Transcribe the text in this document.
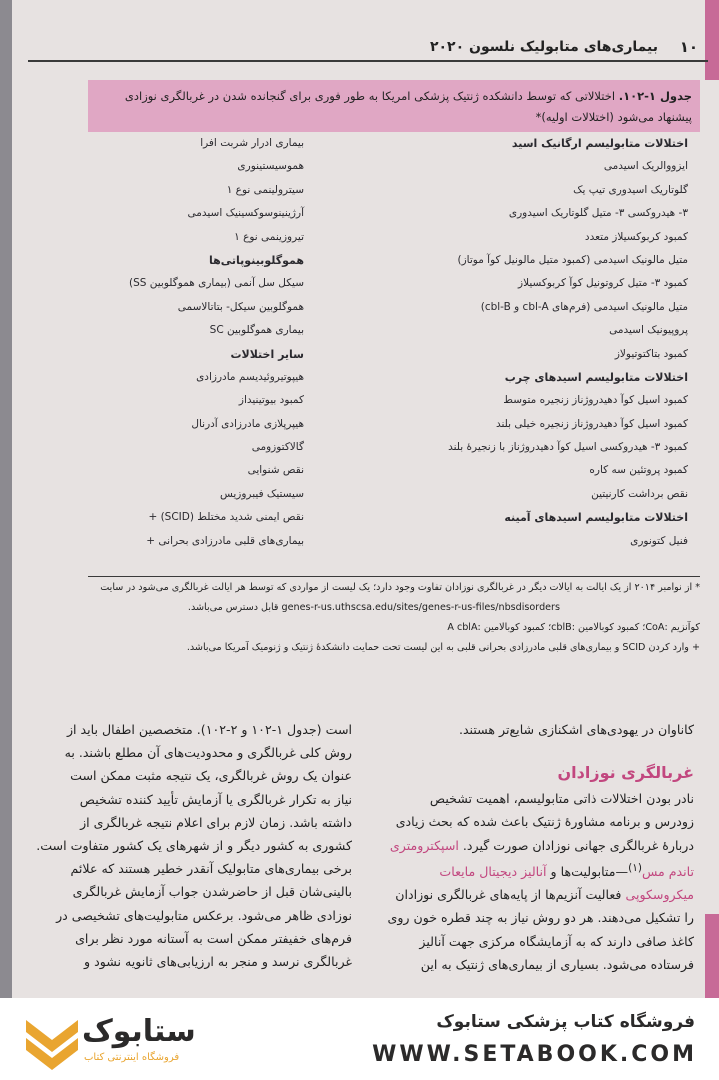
۱۰
بیماری‌های متابولیک نلسون ۲۰۲۰
جدول ۱-۱۰۲. اختلالاتی که توسط دانشکده ژنتیک پزشکی امریکا به طور فوری برای گنجانده شدن در غربالگری نوزادی پیشنهاد می‌شود (اختلالات اولیه)*
اختلالات متابولیسم ارگانیک اسید
ایزووالریک اسیدمی
گلوتاریک اسیدوری تیپ یک
۳- هیدروکسی ۳- متیل گلوتاریک اسیدوری
کمبود کربوکسیلاز متعدد
متیل مالونیک اسیدمی (کمبود متیل مالونیل کوآ موتاز)
کمبود ۳- متیل کروتونیل کوآ کربوکسیلاز
متیل مالونیک اسیدمی (فرم‌های cbl-A و cbl-B)
پروپیونیک اسیدمی
کمبود بتاکتوتیولاز
اختلالات متابولیسم اسیدهای چرب
کمبود اسیل کوآ دهیدروژناز زنجیره متوسط
کمبود اسیل کوآ دهیدروژناز زنجیره خیلی بلند
کمبود ۳- هیدروکسی اسیل کوآ دهیدروژناز با زنجیرهٔ بلند
کمبود پروتئین سه کاره
نقص برداشت کارنیتین
اختلالات متابولیسم اسیدهای آمینه
فنیل کتونوری
بیماری ادرار شربت افرا
هموسیستینوری
سیترولینمی نوع ۱
آرژینینوسوکسینیک اسیدمی
تیروزینمی نوع ۱
هموگلوبینوپاتی‌ها
سیکل سل آنمی (بیماری هموگلوبین SS)
هموگلوبین سیکل- بتاتالاسمی
بیماری هموگلوبین SC
سایر اختلالات
هیپوتیروئیدیسم مادرزادی
کمبود بیوتینیداز
هیپرپلازی مادرزادی آدرنال
گالاکتوزومی
نقص شنوایی
سیستیک فیبروزیس
نقص ایمنی شدید مختلط (SCID) +
بیماری‌های قلبی مادرزادی بحرانی +
* از نوامبر ۲۰۱۴ از یک ایالت به ایالات دیگر در غربالگری نوزادان تفاوت وجود دارد؛ یک لیست از مواردی که توسط هر ایالت غربالگری می‌شود در سایت
genes-r-us.uthscsa.edu/sites/genes-r-us-files/nbsdisorders قابل دسترس می‌باشد.
کوآنزیم :CoA؛ کمبود کوبالامین :cblB؛ کمبود کوبالامین :A cblA
+ وارد کردن SCID و بیماری‌های قلبی مادرزادی بحرانی قلبی به این لیست تحت حمایت دانشکدهٔ ژنتیک و ژنومیک آمریکا می‌باشد.
کاناوان در یهودی‌های اشکنازی شایع‌تر هستند.
غربالگری نوزادان
نادر بودن اختلالات ذاتی متابولیسم، اهمیت تشخیص
زودرس و برنامه مشاورهٔ ژنتیک باعث شده که بحث زیادی
دربارهٔ غربالگری جهانی نوزادان صورت گیرد. اسپکترومتری
تاندم مس$^{(۱)}$—متابولیت‌ها و آنالیز دیجیتال مایعات
میکروسکوپی فعالیت آنزیم‌ها از پایه‌های غربالگری نوزادان
را تشکیل می‌دهند. هر دو روش نیاز به چند قطره خون روی
کاغذ صافی دارند که به آزمایشگاه مرکزی جهت آنالیز
فرستاده می‌شود. بسیاری از بیماری‌های ژنتیک به این
است (جدول ۱-۱۰۲ و ۲-۱۰۲). متخصصین اطفال باید از
روش کلی غربالگری و محدودیت‌های آن مطلع باشند. به
عنوان یک روش غربالگری، یک نتیجه مثبت ممکن است
نیاز به تکرار غربالگری یا آزمایش تأیید کننده تشخیص
داشته باشد. زمان لازم برای اعلام نتیجه غربالگری از
کشوری به کشور دیگر و از شهرهای یک کشور متفاوت است.
برخی بیماری‌های متابولیک آنقدر خطیر هستند که علائم
بالینی‌شان قبل از حاضرشدن جواب آزمایش غربالگری
نوزادی ظاهر می‌شود. برعکس متابولیت‌های تشخیصی در
فرم‌های خفیفتر ممکن است به آستانه مورد نظر برای
غربالگری نرسد و منجر به ارزیابی‌های ثانویه نشود و
فروشگاه کتاب پزشکی ستابوک
WWW.SETABOOK.COM
ستابوک
فروشگاه اینترنتی کتاب
